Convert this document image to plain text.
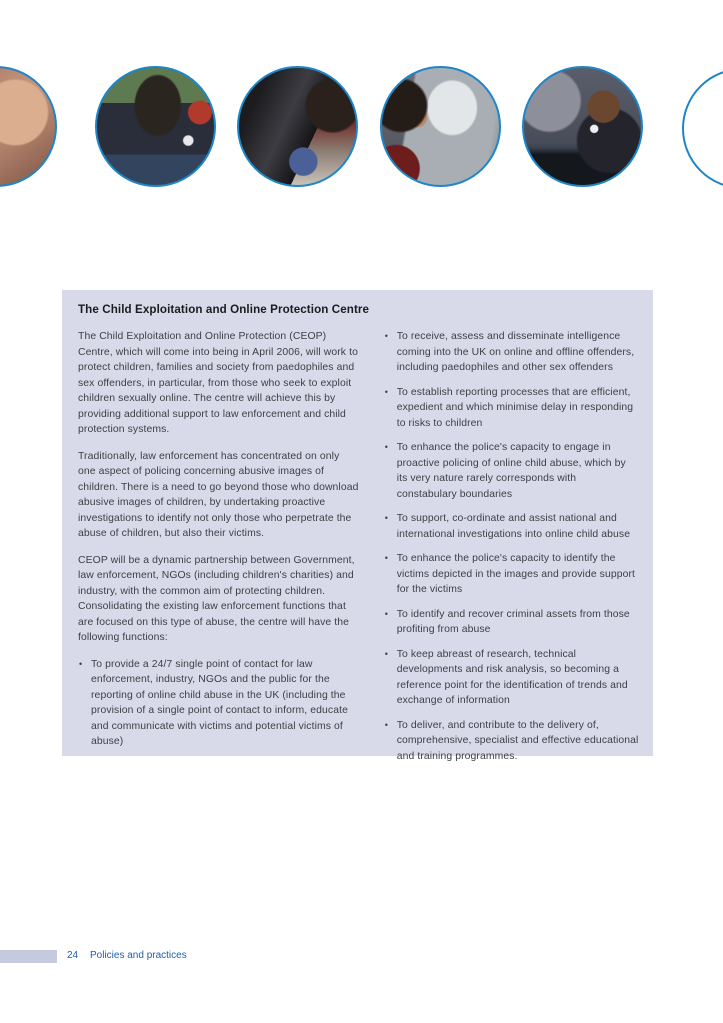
The Child Exploitation and Online Protection Centre

The Child Exploitation and Online Protection (CEOP) Centre, which will come into being in April 2006, will work to protect children, families and society from paedophiles and sex offenders, in particular, from those who seek to exploit children sexually online. The centre will achieve this by providing additional support to law enforcement and child protection systems.

Traditionally, law enforcement has concentrated on only one aspect of policing concerning abusive images of children. There is a need to go beyond those who download abusive images of children, by undertaking proactive investigations to identify not only those who perpetrate the abuse of children, but also their victims.

CEOP will be a dynamic partnership between Government, law enforcement, NGOs (including children's charities) and industry, with the common aim of protecting children. Consolidating the existing law enforcement functions that are focused on this type of abuse, the centre will have the following functions:

• To provide a 24/7 single point of contact for law enforcement, industry, NGOs and the public for the reporting of online child abuse in the UK (including the provision of a single point of contact to inform, educate and communicate with victims and potential victims of abuse)
• To receive, assess and disseminate intelligence coming into the UK on online and offline offenders, including paedophiles and other sex offenders
• To establish reporting processes that are efficient, expedient and which minimise delay in responding to risks to children
• To enhance the police's capacity to engage in proactive policing of online child abuse, which by its very nature rarely corresponds with constabulary boundaries
• To support, co-ordinate and assist national and international investigations into online child abuse
• To enhance the police's capacity to identify the victims depicted in the images and provide support for the victims
• To identify and recover criminal assets from those profiting from abuse
• To keep abreast of research, technical developments and risk analysis, so becoming a reference point for the identification of trends and exchange of information
• To deliver, and contribute to the delivery of, comprehensive, specialist and effective educational and training programmes.
24 Policies and practices
